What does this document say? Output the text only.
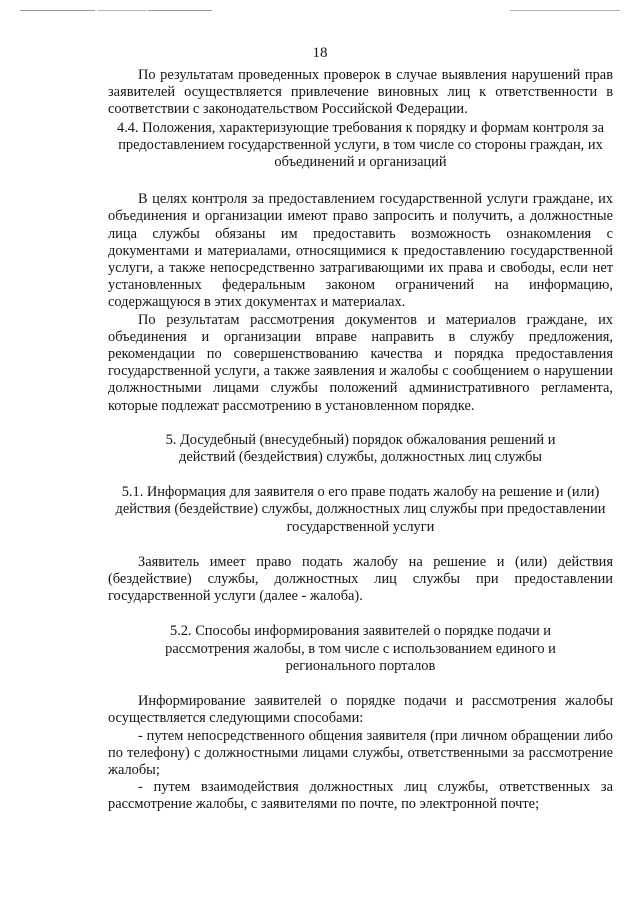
18

По результатам проведенных проверок в случае выявления нарушений прав заявителей осуществляется привлечение виновных лиц к ответственности в соответствии с законодательством Российской Федерации.

4.4. Положения, характеризующие требования к порядку и формам контроля за предоставлением государственной услуги, в том числе со стороны граждан, их объединений и организаций

В целях контроля за предоставлением государственной услуги граждане, их объединения и организации имеют право запросить и получить, а должностные лица службы обязаны им предоставить возможность ознакомления с документами и материалами, относящимися к предоставлению государственной услуги, а также непосредственно затрагивающими их права и свободы, если нет установленных федеральным законом ограничений на информацию, содержащуюся в этих документах и материалах.

По результатам рассмотрения документов и материалов граждане, их объединения и организации вправе направить в службу предложения, рекомендации по совершенствованию качества и порядка предоставления государственной услуги, а также заявления и жалобы с сообщением о нарушении должностными лицами службы положений административного регламента, которые подлежат рассмотрению в установленном порядке.

5. Досудебный (внесудебный) порядок обжалования решений и действий (бездействия) службы, должностных лиц службы

5.1. Информация для заявителя о его праве подать жалобу на решение и (или) действия (бездействие) службы, должностных лиц службы при предоставлении государственной услуги

Заявитель имеет право подать жалобу на решение и (или) действия (бездействие) службы, должностных лиц службы при предоставлении государственной услуги (далее - жалоба).

5.2. Способы информирования заявителей о порядке подачи и рассмотрения жалобы, в том числе с использованием единого и регионального порталов

Информирование заявителей о порядке подачи и рассмотрения жалобы осуществляется следующими способами:

- путем непосредственного общения заявителя (при личном обращении либо по телефону) с должностными лицами службы, ответственными за рассмотрение жалобы;

- путем взаимодействия должностных лиц службы, ответственных за рассмотрение жалобы, с заявителями по почте, по электронной почте;
